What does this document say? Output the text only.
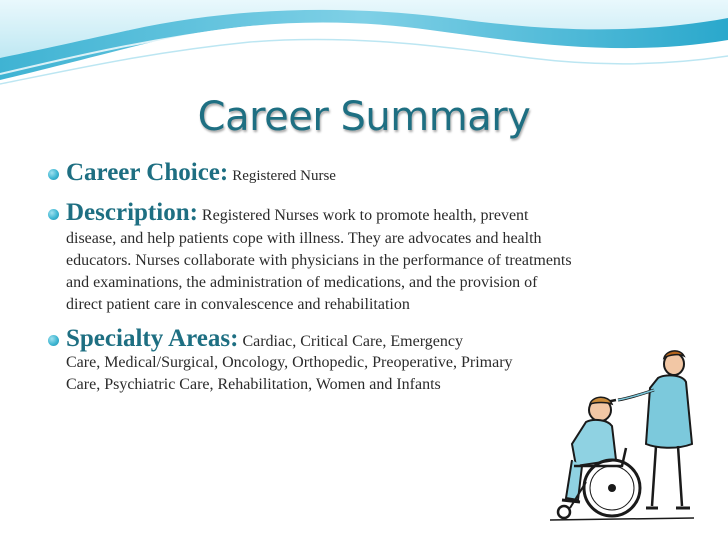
Career Summary
Career Choice: Registered Nurse
Description: Registered Nurses work to promote health, prevent
disease, and help patients cope with illness. They are advocates and health
educators. Nurses collaborate with physicians in the performance of treatments
and examinations, the administration of medications, and the provision of
direct patient care in convalescence and rehabilitation
Specialty Areas: Cardiac, Critical Care, Emergency
Care, Medical/Surgical, Oncology, Orthopedic, Preoperative, Primary
Care, Psychiatric Care, Rehabilitation, Women and Infants
